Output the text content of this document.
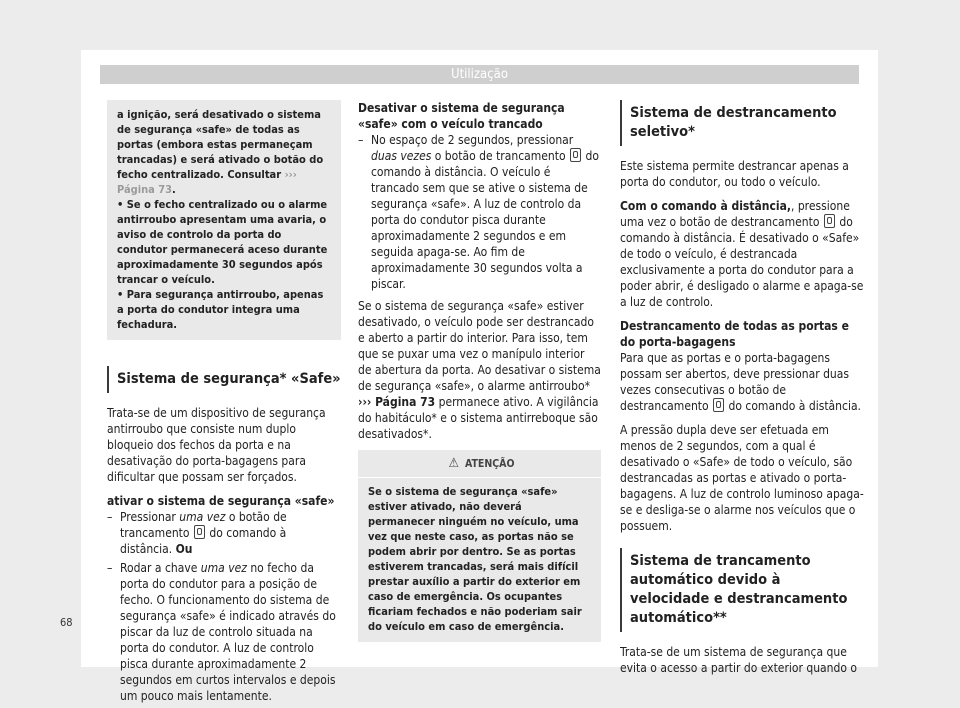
Utilização

a ignição, será desativado o sistema de segurança «safe» de todas as portas (embora estas permaneçam trancadas) e será ativado o botão do fecho centralizado. Consultar ››› Página 73.

• Se o fecho centralizado ou o alarme antirroubo apresentam uma avaria, o aviso de controlo da porta do condutor permanecerá aceso durante aproximadamente 30 segundos após trancar o veículo.

• Para segurança antirroubo, apenas a porta do condutor integra uma fechadura.

Sistema de segurança* «Safe»

Trata-se de um dispositivo de segurança antirroubo que consiste num duplo bloqueio dos fechos da porta e na desativação do porta-bagagens para dificultar que possam ser forçados.

ativar o sistema de segurança «safe»

– Pressionar uma vez o botão de trancamento  do comando à distância. Ou

– Rodar a chave uma vez no fecho da porta do condutor para a posição de fecho. O funcionamento do sistema de segurança «safe» é indicado através do piscar da luz de controlo situada na porta do condutor. A luz de controlo pisca durante aproximadamente 2 segundos em curtos intervalos e depois um pouco mais lentamente.

Desativar o sistema de segurança «safe» com o veículo trancado

– No espaço de 2 segundos, pressionar duas vezes o botão de trancamento  do comando à distância. O veículo é trancado sem que se ative o sistema de segurança «safe». A luz de controlo da porta do condutor pisca durante aproximadamente 2 segundos e em seguida apaga-se. Ao fim de aproximadamente 30 segundos volta a piscar.

Se o sistema de segurança «safe» estiver desativado, o veículo pode ser destrancado e aberto a partir do interior. Para isso, tem que se puxar uma vez o manípulo interior de abertura da porta. Ao desativar o sistema de segurança «safe», o alarme antirroubo* ››› Página 73 permanece ativo. A vigilância do habitáculo* e o sistema antirreboque são desativados*.

⚠ ATENÇÃO
Se o sistema de segurança «safe» estiver ativado, não deverá permanecer ninguém no veículo, uma vez que neste caso, as portas não se podem abrir por dentro. Se as portas estiverem trancadas, será mais difícil prestar auxílio a partir do exterior em caso de emergência. Os ocupantes ficariam fechados e não poderiam sair do veículo em caso de emergência.
Sistema de destrancamento seletivo*

Este sistema permite destrancar apenas a porta do condutor, ou todo o veículo.

Com o comando à distância,, pressione uma vez o botão de destrancamento  do comando à distância. É desativado o «Safe» de todo o veículo, é destrancada exclusivamente a porta do condutor para a poder abrir, é desligado o alarme e apaga-se a luz de controlo.

Destrancamento de todas as portas e do porta-bagagens

Para que as portas e o porta-bagagens possam ser abertos, deve pressionar duas vezes consecutivas o botão de destrancamento  do comando à distância.

A pressão dupla deve ser efetuada em menos de 2 segundos, com a qual é desativado o «Safe» de todo o veículo, são destrancadas as portas e ativado o porta-bagagens. A luz de controlo luminoso apaga-se e desliga-se o alarme nos veículos que o possuem.

Sistema de trancamento automático devido à velocidade e destrancamento automático**

Trata-se de um sistema de segurança que evita o acesso a partir do exterior quando o

68
